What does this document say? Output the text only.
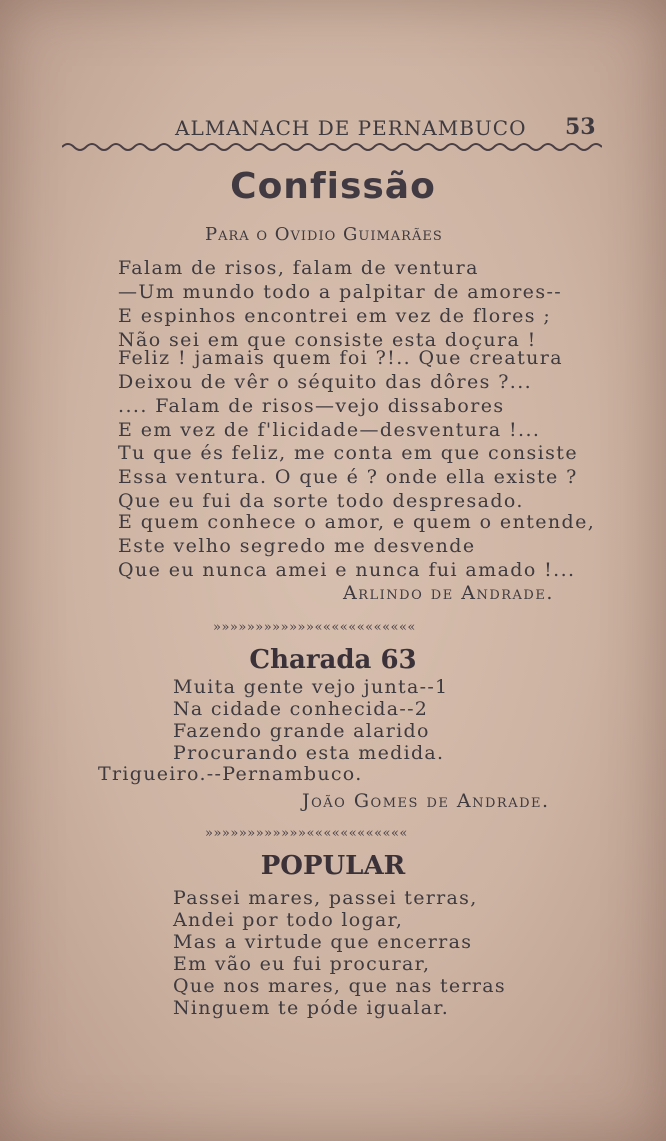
ALMANACH DE PERNAMBUCO 53
Confissão
Para o Ovidio Guimarães
Falam de risos, falam de ventura
—Um mundo todo a palpitar de amores--
E espinhos encontrei em vez de flores ;
Não sei em que consiste esta doçura !
Feliz ! jamais quem foi ?!.. Que creatura
Deixou de vêr o séquito das dôres ?...
.... Falam de risos—vejo dissabores
E em vez de f'licidade—desventura !...
Tu que és feliz, me conta em que consiste
Essa ventura. O que é ? onde ella existe ?
Que eu fui da sorte todo despresado.
E quem conhece o amor, e quem o entende,
Este velho segredo me desvende
Que eu nunca amei e nunca fui amado !...
Arlindo de Andrade.
»»»»»»»»»»»»««««««««««««
Charada 63
Muita gente vejo junta--1
Na cidade conhecida--2
Fazendo grande alarido
Procurando esta medida.
Trigueiro.--Pernambuco.
João Gomes de Andrade.
»»»»»»»»»»»»««««««««««««
POPULAR
Passei mares, passei terras,
Andei por todo logar,
Mas a virtude que encerras
Em vão eu fui procurar,
Que nos mares, que nas terras
Ninguem te póde igualar.
